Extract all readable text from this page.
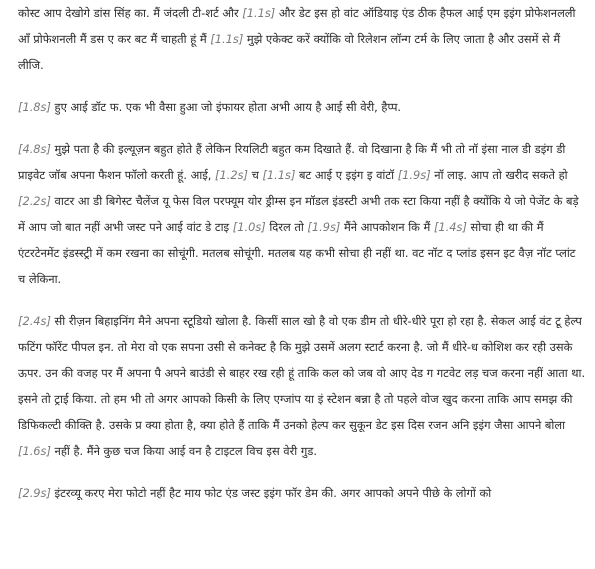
कोस्ट आप देखोगे डांस सिंह का. मैं जंदली टी-शर्ट और [1.1s] और डेट इस हो वांट ऑडियाइ एंड ठीक हैफल आई एम इइंग प्रोफेशनलली आँ प्रोफेशनली मैं डस ए कर बट मैं चाहती हूं मैं [1.1s] मुझे एकेक्ट करें क्योंकि वो रिलेशन लॉन्ग टर्म के लिए जाता है और उसमें से मैं लीजि.

[1.8s] हुए आई डॉट फ. एक भी वैसा हुआ जो इंफायर होता अभी आय है आई सी वेरी, हैप्प.

[4.8s] मुझे पता है की इल्यूज़न बहुत होते हैं लेकिन रियलिटी बहुत कम दिखाते हैं. वो दिखाना है कि मैं भी तो नॉ इंसा नाल डी डइंग डी प्राइवेट जॉब अपना फैशन फॉलो करती हूं. आई, [1.2s] च [1.1s] बट आई ए इइंग इ वांटॉ [1.9s] नॉ लाइ. आप तो खरीद सकते हो [2.2s] वाटर आ डी बिगेस्ट चैलेंज यू फेस विल परफ्यूम योर ड्रीम्स इन मॉडल इंडस्टी अभी तक स्टा किया नहीं है क्योंकि ये जो पेजेंट के बड़े में आप जो बात नहीं अभी जस्ट पने आई वांट डे टाइ [1.0s] दिरल तो [1.9s] मैंने आपकोशन कि मैं [1.4s] सोचा ही था की मैं एंटरटेनमेंट इंडस्स्ट्री में कम रखना का सोचूंगी. मतलब सोचूंगी. मतलब यह कभी सोचा ही नहीं था. वट नॉट द प्लांड इसन इट वैज़ नॉट प्लांट च लेकिना.

[2.4s] सी रीज़न बिहाइनिंग मैने अपना स्टूडियो खोला है. किसीं साल खो है वो एक डीम तो धीरे-धीरे पूरा हो रहा है. सेकल आई वंट टू हेल्प फटिंग फॉरेंट पीपल इन. तो मेरा वो एक सपना उसी से कनेक्ट है कि मुझे उसमें अलग स्टार्ट करना है. जो मैं धीरे-ध कोशिश कर रही उसके ऊपर. उन की वजह पर मैं अपना पै अपने बाउंडी से बाहर रख रही हूं ताकि कल को जब वो आए देड ग गटवेट लड़ चज करना नहीं आता था. इसने तो ट्राई किया. तो हम भी तो अगर आपको किसी के लिए एग्जांप या इं स्टेशन बन्ना है तो पहले वोज खुद करना ताकि आप समझ की डिफिकल्टी कीक्ति है. उसके प्र क्या होता है, क्या होते हैं ताकि मैं उनको हेल्प कर सुकून डेट इस दिस रजन अनि इइंग जैसा आपने बोला [1.6s] नहीं है. मैंने कुछ चज किया आई वन है टाइटल विच इस वेरी गुड.

[2.9s] इंटरव्यू करए मेरा फोटो नहीं हैट माय फोट एंड जस्ट इइंग फॉर डेम की. अगर आपको अपने पीछे के लोगों को
